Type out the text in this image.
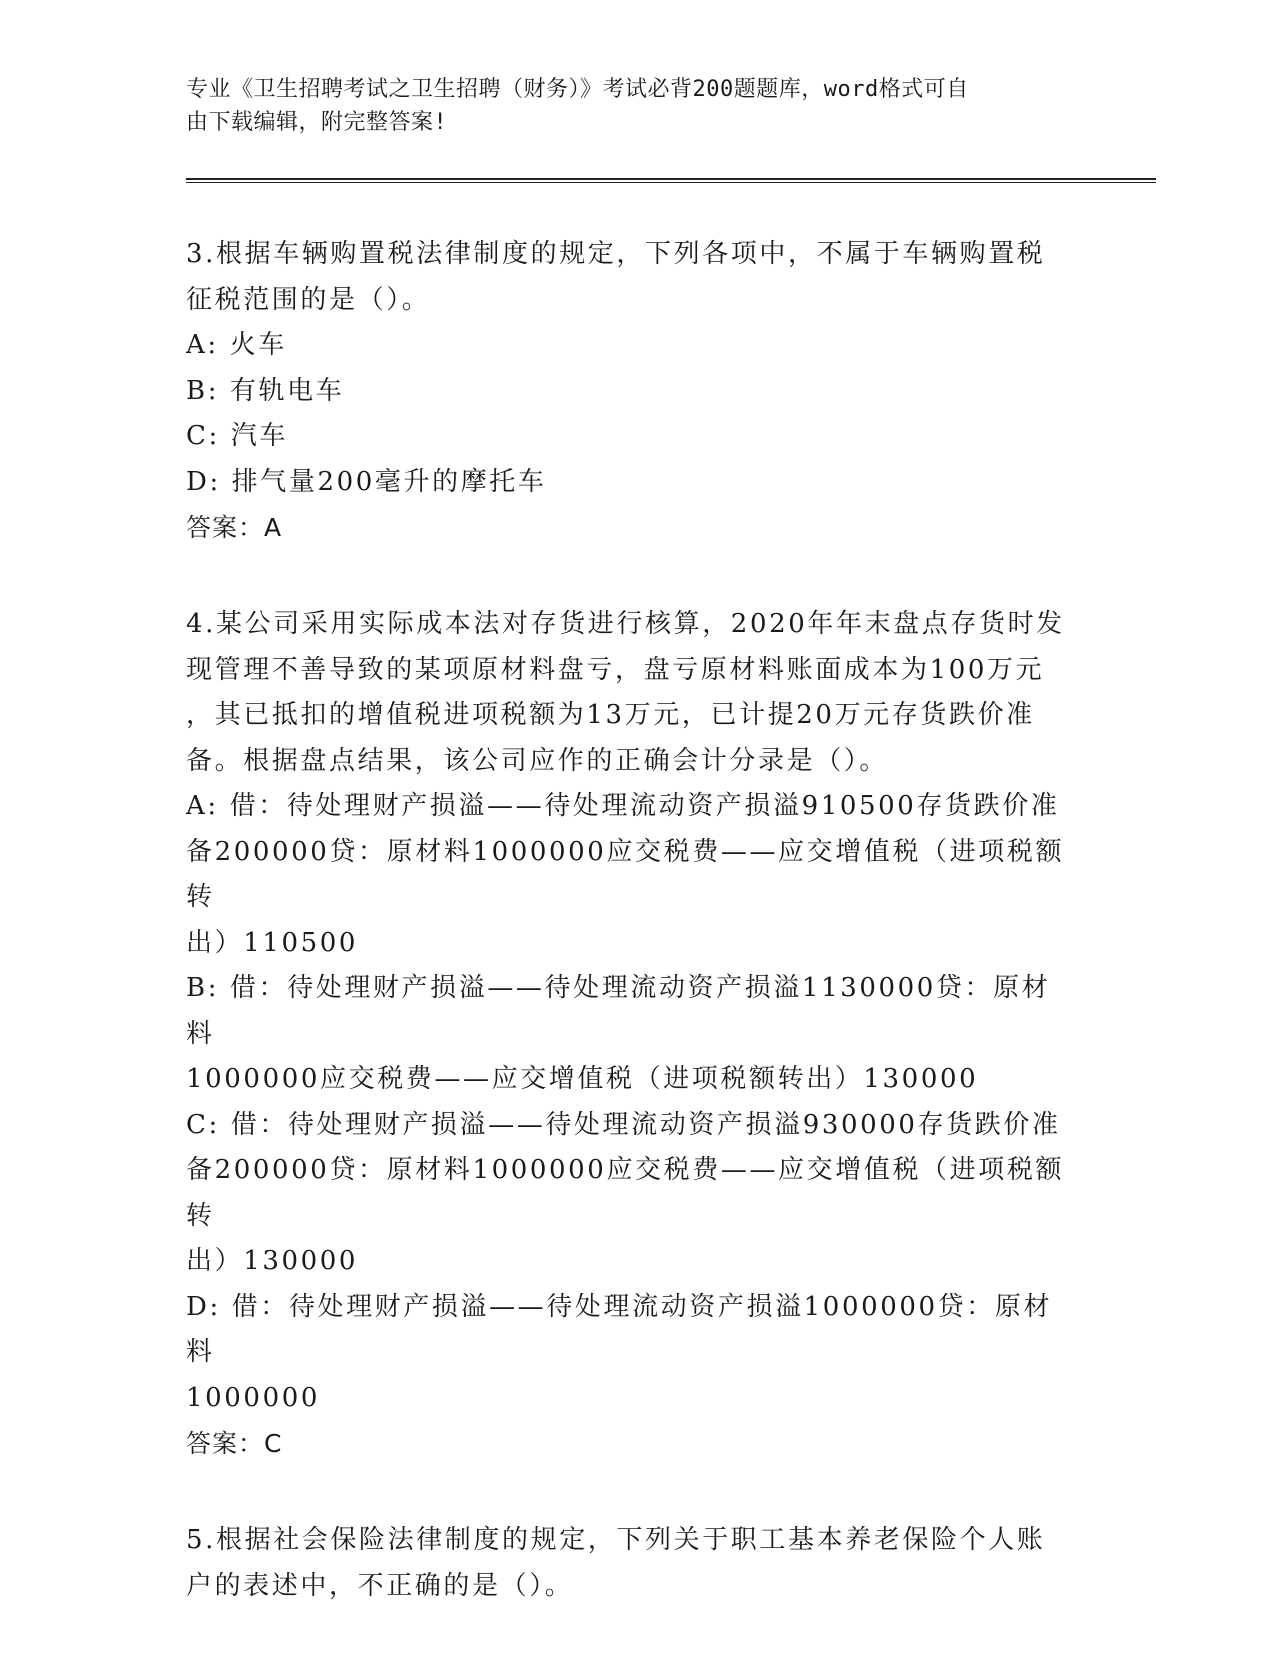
专业《卫生招聘考试之卫生招聘（财务）》考试必背200题题库，word格式可自
由下载编辑，附完整答案!
3.根据车辆购置税法律制度的规定，下列各项中，不属于车辆购置税
征税范围的是（）。
A: 火车
B: 有轨电车
C: 汽车
D: 排气量200毫升的摩托车
答案：A
4.某公司采用实际成本法对存货进行核算，2020年年末盘点存货时发
现管理不善导致的某项原材料盘亏，盘亏原材料账面成本为100万元
，其已抵扣的增值税进项税额为13万元，已计提20万元存货跌价准
备。根据盘点结果，该公司应作的正确会计分录是（）。
A: 借：待处理财产损溢——待处理流动资产损溢910500存货跌价准
备200000贷：原材料1000000应交税费——应交增值税（进项税额转
出）110500
B: 借：待处理财产损溢——待处理流动资产损溢1130000贷：原材料
1000000应交税费——应交增值税（进项税额转出）130000
C: 借：待处理财产损溢——待处理流动资产损溢930000存货跌价准
备200000贷：原材料1000000应交税费——应交增值税（进项税额转
出）130000
D: 借：待处理财产损溢——待处理流动资产损溢1000000贷：原材料
1000000
答案：C
5.根据社会保险法律制度的规定，下列关于职工基本养老保险个人账
户的表述中，不正确的是（）。
